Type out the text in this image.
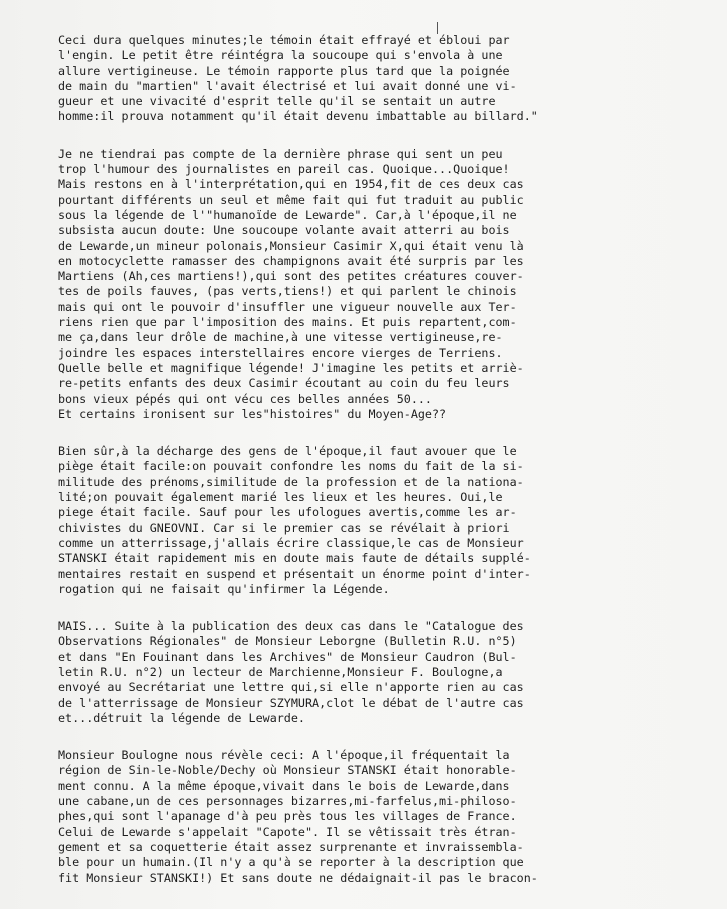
Ceci dura quelques minutes;le témoin était effrayé et ébloui par
l'engin. Le petit être réintégra la soucoupe qui s'envola à une
allure vertigineuse. Le témoin rapporte plus tard que la poignée
de main du "martien" l'avait électrisé et lui avait donné une vi-
gueur et une vivacité d'esprit telle qu'il se sentait un autre
homme:il prouva notamment qu'il était devenu imbattable au billard."
Je ne tiendrai pas compte de la dernière phrase qui sent un peu
trop l'humour des journalistes en pareil cas. Quoique...Quoique!
Mais restons en à l'interprétation,qui en 1954,fit de ces deux cas
pourtant différents un seul et même fait qui fut traduit au public
sous la légende de l'"humanoïde de Lewarde". Car,à l'époque,il ne
subsista aucun doute: Une soucoupe volante avait atterri au bois
de Lewarde,un mineur polonais,Monsieur Casimir X,qui était venu là
en motocyclette ramasser des champignons avait été surpris par les
Martiens (Ah,ces martiens!),qui sont des petites créatures couver-
tes de poils fauves, (pas verts,tiens!) et qui parlent le chinois
mais qui ont le pouvoir d'insuffler une vigueur nouvelle aux Ter-
riens rien que par l'imposition des mains. Et puis repartent,com-
me ça,dans leur drôle de machine,à une vitesse vertigineuse,re-
joindre les espaces interstellaires encore vierges de Terriens.
Quelle belle et magnifique légende! J'imagine les petits et arriè-
re-petits enfants des deux Casimir écoutant au coin du feu leurs
bons vieux pépés qui ont vécu ces belles années 50...
Et certains ironisent sur les"histoires" du Moyen-Age??
Bien sûr,à la décharge des gens de l'époque,il faut avouer que le
piège était facile:on pouvait confondre les noms du fait de la si-
militude des prénoms,similitude de la profession et de la nationa-
lité;on pouvait également marié les lieux et les heures. Oui,le
piege était facile. Sauf pour les ufologues avertis,comme les ar-
chivistes du GNEOVNI. Car si le premier cas se révélait à priori
comme un atterrissage,j'allais écrire classique,le cas de Monsieur
STANSKI était rapidement mis en doute mais faute de détails supplé-
mentaires restait en suspend et présentait un énorme point d'inter-
rogation qui ne faisait qu'infirmer la Légende.
MAIS... Suite à la publication des deux cas dans le "Catalogue des
Observations Régionales" de Monsieur Leborgne (Bulletin R.U. n°5)
et dans "En Fouinant dans les Archives" de Monsieur Caudron (Bul-
letin R.U. n°2) un lecteur de Marchienne,Monsieur F. Boulogne,a
envoyé au Secrétariat une lettre qui,si elle n'apporte rien au cas
de l'atterrissage de Monsieur SZYMURA,clot le débat de l'autre cas
et...détruit la légende de Lewarde.
Monsieur Boulogne nous révèle ceci: A l'époque,il fréquentait la
région de Sin-le-Noble/Dechy où Monsieur STANSKI était honorable-
ment connu. A la même époque,vivait dans le bois de Lewarde,dans
une cabane,un de ces personnages bizarres,mi-farfelus,mi-philoso-
phes,qui sont l'apanage d'à peu près tous les villages de France.
Celui de Lewarde s'appelait "Capote". Il se vêtissait très étran-
gement et sa coquetterie était assez surprenante et invraissembla-
ble pour un humain.(Il n'y a qu'à se reporter à la description que
fit Monsieur STANSKI!) Et sans doute ne dédaignait-il pas le bracon-
